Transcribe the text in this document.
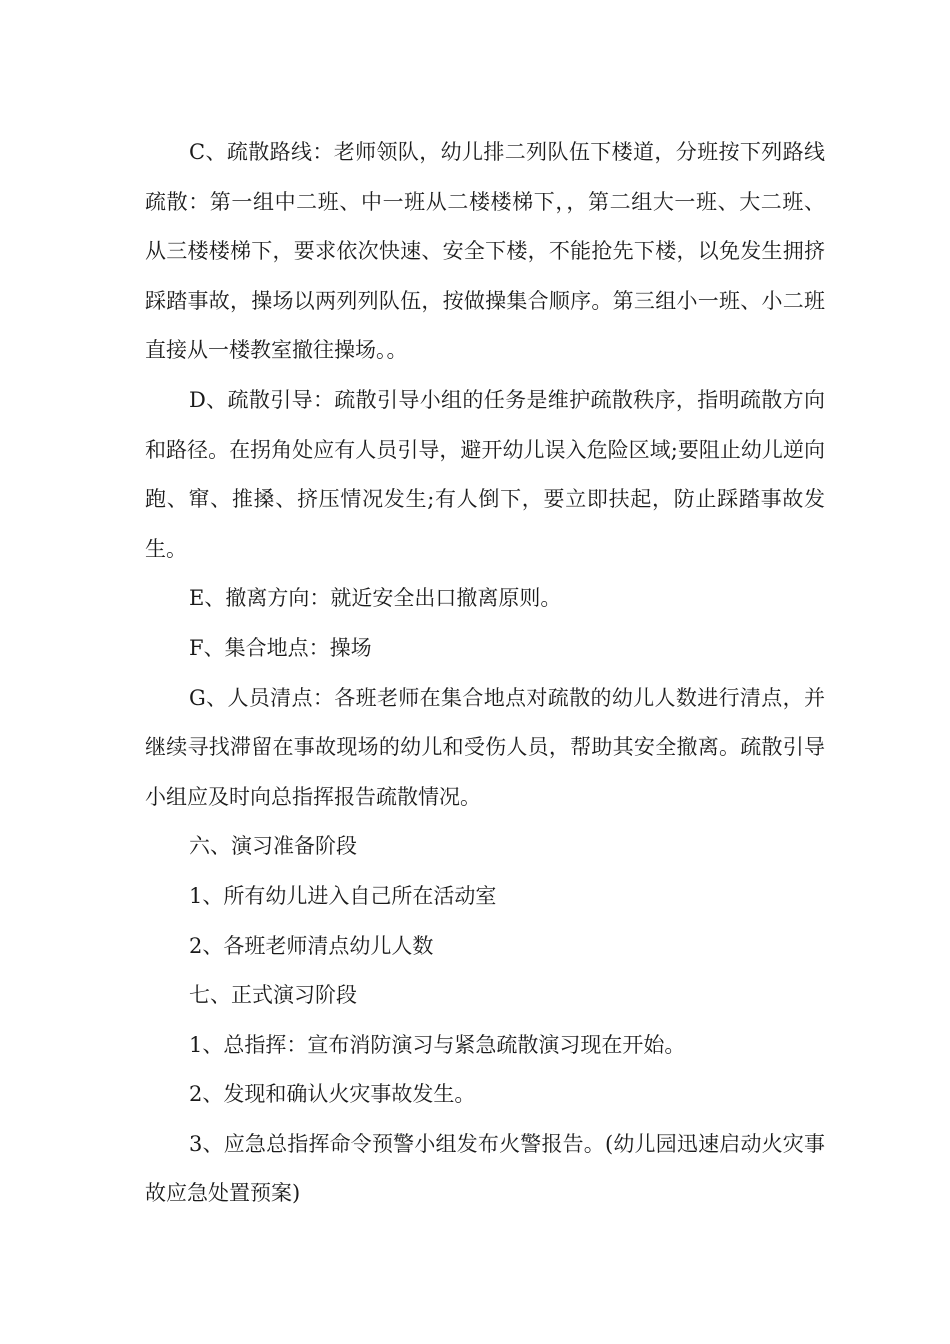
C、疏散路线：老师领队，幼儿排二列队伍下楼道，分班按下列路线疏散：第一组中二班、中一班从二楼楼梯下，，第二组大一班、大二班、从三楼楼梯下，要求依次快速、安全下楼，不能抢先下楼，以免发生拥挤踩踏事故，操场以两列列队伍，按做操集合顺序。第三组小一班、小二班直接从一楼教室撤往操场。。

D、疏散引导：疏散引导小组的任务是维护疏散秩序，指明疏散方向和路径。在拐角处应有人员引导，避开幼儿误入危险区域;要阻止幼儿逆向跑、窜、推搡、挤压情况发生;有人倒下，要立即扶起，防止踩踏事故发生。

E、撤离方向：就近安全出口撤离原则。

F、集合地点：操场

G、人员清点：各班老师在集合地点对疏散的幼儿人数进行清点，并继续寻找滞留在事故现场的幼儿和受伤人员，帮助其安全撤离。疏散引导小组应及时向总指挥报告疏散情况。

六、演习准备阶段

1、所有幼儿进入自己所在活动室

2、各班老师清点幼儿人数

七、正式演习阶段

1、总指挥：宣布消防演习与紧急疏散演习现在开始。

2、发现和确认火灾事故发生。

3、应急总指挥命令预警小组发布火警报告。(幼儿园迅速启动火灾事故应急处置预案)
